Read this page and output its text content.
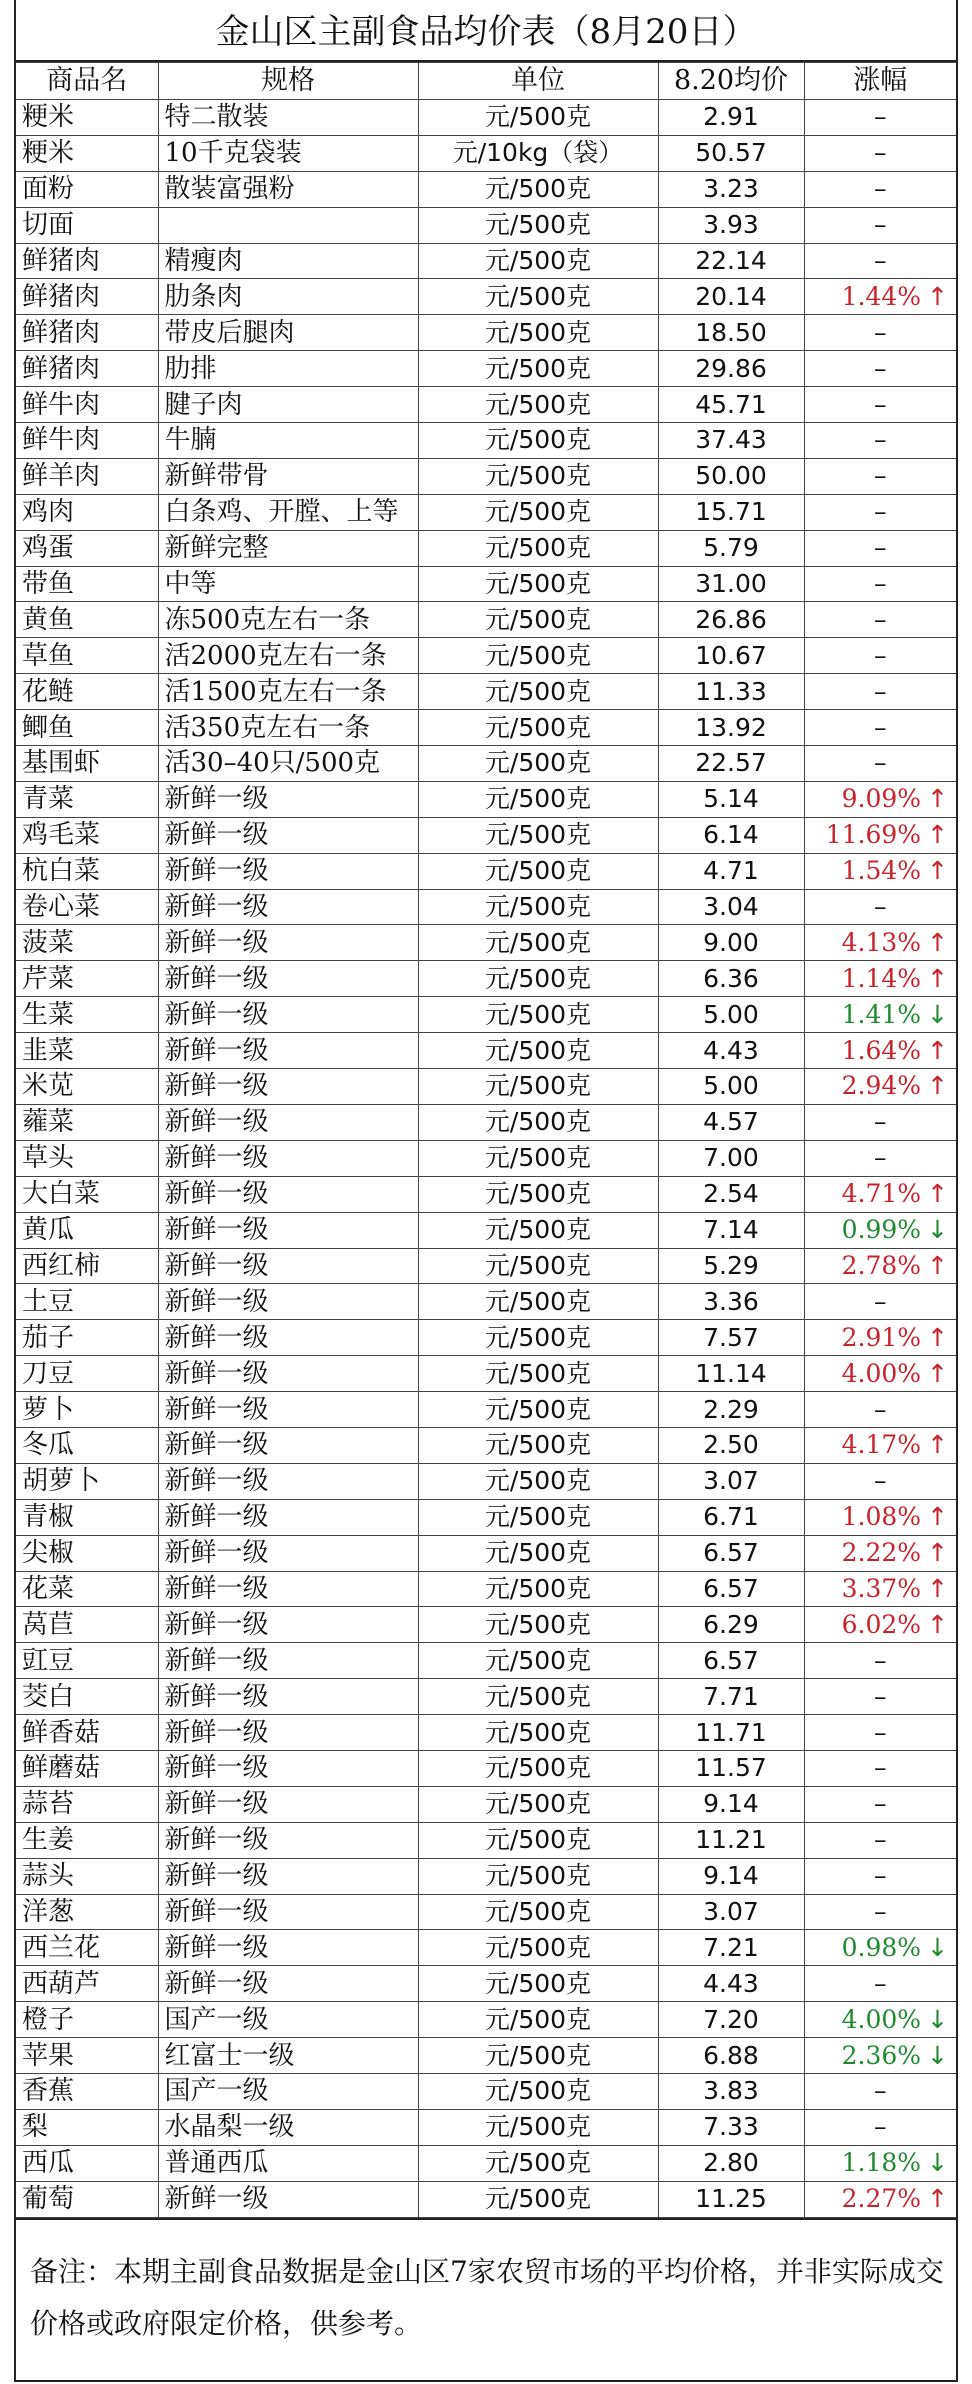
金山区主副食品均价表（8月20日）
商品名	规格	单位	8.20均价	涨幅
粳米	特二散装	元/500克	2.91	–
粳米	10千克袋装	元/10kg（袋）	50.57	–
面粉	散装富强粉	元/500克	3.23	–
切面		元/500克	3.93	–
鲜猪肉	精瘦肉	元/500克	22.14	–
鲜猪肉	肋条肉	元/500克	20.14	1.44% ↑
鲜猪肉	带皮后腿肉	元/500克	18.50	–
鲜猪肉	肋排	元/500克	29.86	–
鲜牛肉	腱子肉	元/500克	45.71	–
鲜牛肉	牛腩	元/500克	37.43	–
鲜羊肉	新鲜带骨	元/500克	50.00	–
鸡肉	白条鸡、开膛、上等	元/500克	15.71	–
鸡蛋	新鲜完整	元/500克	5.79	–
带鱼	中等	元/500克	31.00	–
黄鱼	冻500克左右一条	元/500克	26.86	–
草鱼	活2000克左右一条	元/500克	10.67	–
花鲢	活1500克左右一条	元/500克	11.33	–
鲫鱼	活350克左右一条	元/500克	13.92	–
基围虾	活30–40只/500克	元/500克	22.57	–
青菜	新鲜一级	元/500克	5.14	9.09% ↑
鸡毛菜	新鲜一级	元/500克	6.14	11.69% ↑
杭白菜	新鲜一级	元/500克	4.71	1.54% ↑
卷心菜	新鲜一级	元/500克	3.04	–
菠菜	新鲜一级	元/500克	9.00	4.13% ↑
芹菜	新鲜一级	元/500克	6.36	1.14% ↑
生菜	新鲜一级	元/500克	5.00	1.41% ↓
韭菜	新鲜一级	元/500克	4.43	1.64% ↑
米苋	新鲜一级	元/500克	5.00	2.94% ↑
蕹菜	新鲜一级	元/500克	4.57	–
草头	新鲜一级	元/500克	7.00	–
大白菜	新鲜一级	元/500克	2.54	4.71% ↑
黄瓜	新鲜一级	元/500克	7.14	0.99% ↓
西红柿	新鲜一级	元/500克	5.29	2.78% ↑
土豆	新鲜一级	元/500克	3.36	–
茄子	新鲜一级	元/500克	7.57	2.91% ↑
刀豆	新鲜一级	元/500克	11.14	4.00% ↑
萝卜	新鲜一级	元/500克	2.29	–
冬瓜	新鲜一级	元/500克	2.50	4.17% ↑
胡萝卜	新鲜一级	元/500克	3.07	–
青椒	新鲜一级	元/500克	6.71	1.08% ↑
尖椒	新鲜一级	元/500克	6.57	2.22% ↑
花菜	新鲜一级	元/500克	6.57	3.37% ↑
莴苣	新鲜一级	元/500克	6.29	6.02% ↑
豇豆	新鲜一级	元/500克	6.57	–
茭白	新鲜一级	元/500克	7.71	–
鲜香菇	新鲜一级	元/500克	11.71	–
鲜蘑菇	新鲜一级	元/500克	11.57	–
蒜苔	新鲜一级	元/500克	9.14	–
生姜	新鲜一级	元/500克	11.21	–
蒜头	新鲜一级	元/500克	9.14	–
洋葱	新鲜一级	元/500克	3.07	–
西兰花	新鲜一级	元/500克	7.21	0.98% ↓
西葫芦	新鲜一级	元/500克	4.43	–
橙子	国产一级	元/500克	7.20	4.00% ↓
苹果	红富士一级	元/500克	6.88	2.36% ↓
香蕉	国产一级	元/500克	3.83	–
梨	水晶梨一级	元/500克	7.33	–
西瓜	普通西瓜	元/500克	2.80	1.18% ↓
葡萄	新鲜一级	元/500克	11.25	2.27% ↑
备注：本期主副食品数据是金山区7家农贸市场的平均价格，并非实际成交价格或政府限定价格，供参考。
